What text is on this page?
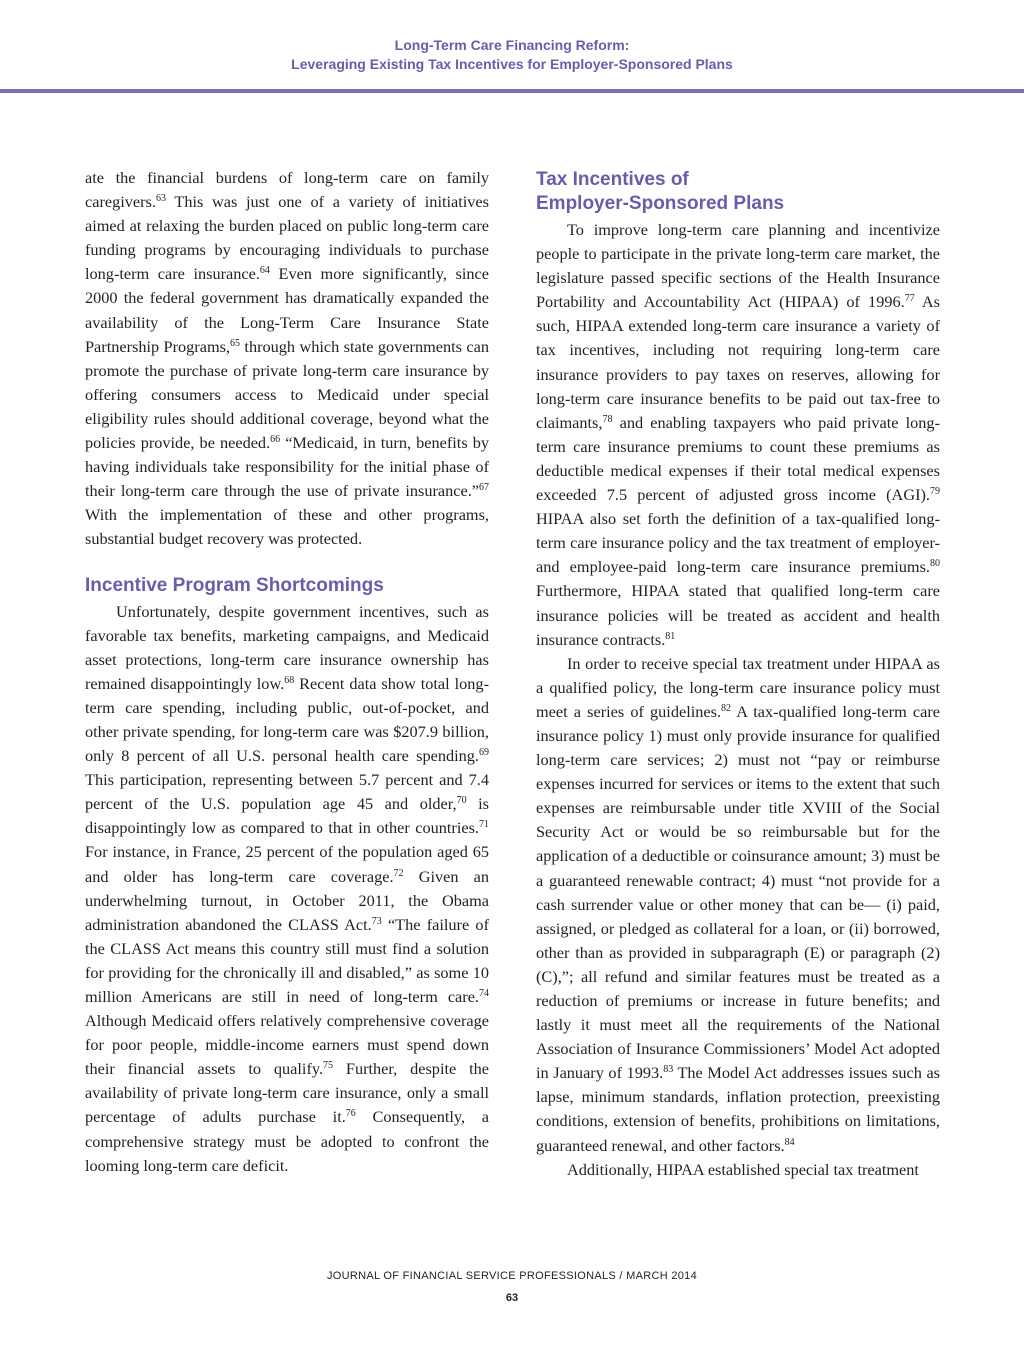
Long-Term Care Financing Reform:
Leveraging Existing Tax Incentives for Employer-Sponsored Plans

ate the financial burdens of long-term care on family caregivers.$^{63}$ This was just one of a variety of initiatives aimed at relaxing the burden placed on public long-term care funding programs by encouraging individuals to purchase long-term care insurance.$^{64}$ Even more significantly, since 2000 the federal government has dramatically expanded the availability of the Long-Term Care Insurance State Partnership Programs,$^{65}$ through which state governments can promote the purchase of private long-term care insurance by offering consumers access to Medicaid under special eligibility rules should additional coverage, beyond what the policies provide, be needed.$^{66}$ “Medicaid, in turn, benefits by having individuals take responsibility for the initial phase of their long-term care through the use of private insurance.”$^{67}$ With the implementation of these and other programs, substantial budget recovery was protected.

Incentive Program Shortcomings

Unfortunately, despite government incentives, such as favorable tax benefits, marketing campaigns, and Medicaid asset protections, long-term care insurance ownership has remained disappointingly low.$^{68}$ Recent data show total long-term care spending, including public, out-of-pocket, and other private spending, for long-term care was $207.9 billion, only 8 percent of all U.S. personal health care spending.$^{69}$ This participation, representing between 5.7 percent and 7.4 percent of the U.S. population age 45 and older,$^{70}$ is disappointingly low as compared to that in other countries.$^{71}$ For instance, in France, 25 percent of the population aged 65 and older has long-term care coverage.$^{72}$ Given an underwhelming turnout, in October 2011, the Obama administration abandoned the CLASS Act.$^{73}$ “The failure of the CLASS Act means this country still must find a solution for providing for the chronically ill and disabled,” as some 10 million Americans are still in need of long-term care.$^{74}$ Although Medicaid offers relatively comprehensive coverage for poor people, middle-income earners must spend down their financial assets to qualify.$^{75}$ Further, despite the availability of private long-term care insurance, only a small percentage of adults purchase it.$^{76}$ Consequently, a comprehensive strategy must be adopted to confront the looming long-term care deficit.

Tax Incentives of
Employer-Sponsored Plans

To improve long-term care planning and incentivize people to participate in the private long-term care market, the legislature passed specific sections of the Health Insurance Portability and Accountability Act (HIPAA) of 1996.77 As such, HIPAA extended long-term care insurance a variety of tax incentives, including not requiring long-term care insurance providers to pay taxes on reserves, allowing for long-term care insurance benefits to be paid out tax-free to claimants,$^{78}$ and enabling taxpayers who paid private long-term care insurance premiums to count these premiums as deductible medical expenses if their total medical expenses exceeded 7.5 percent of adjusted gross income (AGI).$^{79}$ HIPAA also set forth the definition of a tax-qualified long-term care insurance policy and the tax treatment of employer- and employee-paid long-term care insurance premiums.$^{80}$ Furthermore, HIPAA stated that qualified long-term care insurance policies will be treated as accident and health insurance contracts.$^{81}$

In order to receive special tax treatment under HIPAA as a qualified policy, the long-term care insurance policy must meet a series of guidelines.$^{82}$ A tax-qualified long-term care insurance policy 1) must only provide insurance for qualified long-term care services; 2) must not “pay or reimburse expenses incurred for services or items to the extent that such expenses are reimbursable under title XVIII of the Social Security Act or would be so reimbursable but for the application of a deductible or coinsurance amount; 3) must be a guaranteed renewable contract; 4) must “not provide for a cash surrender value or other money that can be— (i) paid, assigned, or pledged as collateral for a loan, or (ii) borrowed, other than as provided in subparagraph (E) or paragraph (2)(C),”; all refund and similar features must be treated as a reduction of premiums or increase in future benefits; and lastly it must meet all the requirements of the National Association of Insurance Commissioners’ Model Act adopted in January of 1993.83 The Model Act addresses issues such as lapse, minimum standards, inflation protection, preexisting conditions, extension of benefits, prohibitions on limitations, guaranteed renewal, and other factors.$^{84}$

Additionally, HIPAA established special tax treatment

JOURNAL OF FINANCIAL SERVICE PROFESSIONALS / MARCH 2014
63
